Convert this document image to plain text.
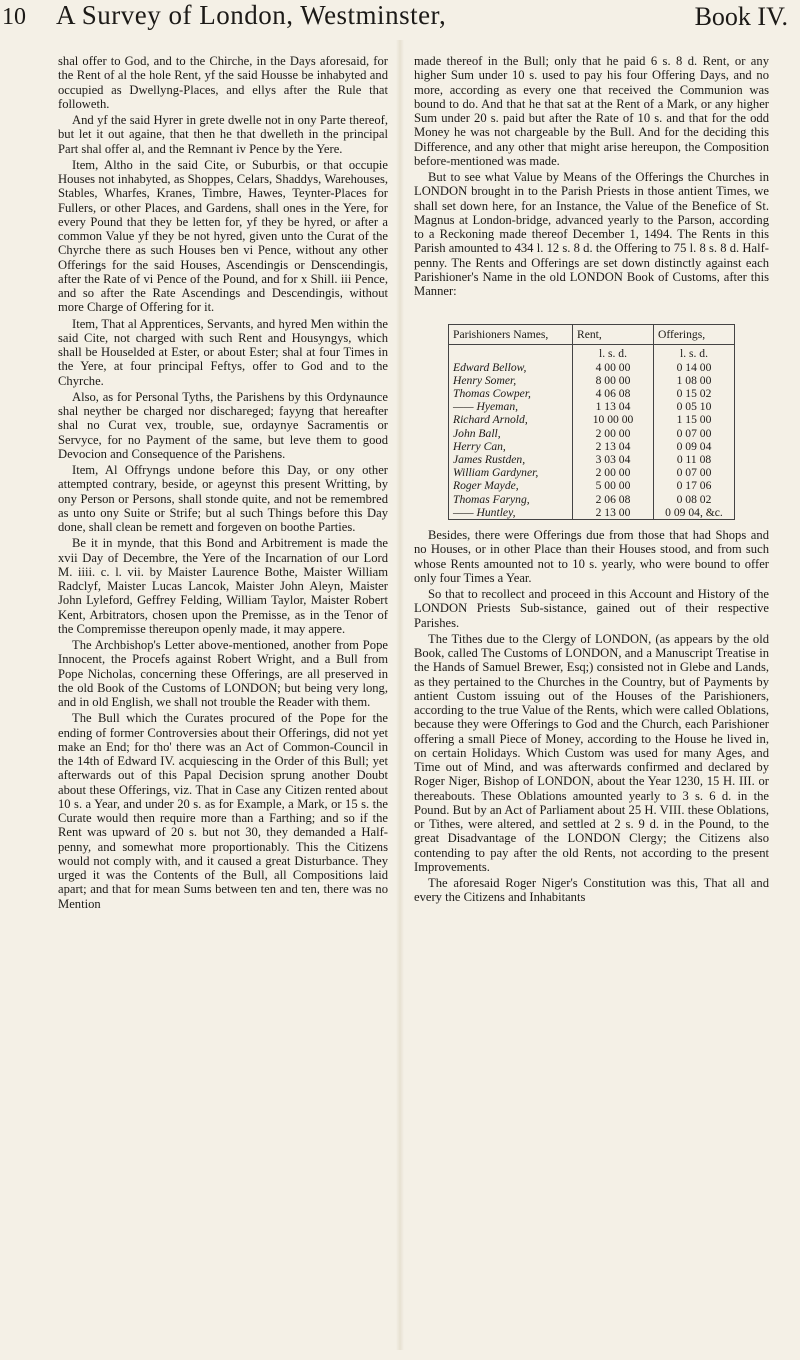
10 A Survey of London, Westminster,	Book IV.

shal offer to God, and to the Chirche, in the Days aforesaid, for the Rent of al the hole Rent, yf the said Housse be inhabyted and occupied as Dwellyng-Places, and ellys after the Rule that followeth.

And yf the said Hyrer in grete dwelle not in ony Parte thereof, but let it out againe, that then he that dwelleth in the principal Part shal offer al, and the Remnant iv Pence by the Yere.

Item, Altho in the said Cite, or Suburbis, or that occupie Houses not inhabyted, as Shoppes, Celars, Shaddys, Warehouses, Stables, Wharfes, Kranes, Timbre, Hawes, Teynter-Places for Fullers, or other Places, and Gardens, shall ones in the Yere, for every Pound that they be letten for, yf they be hyred, or after a common Value yf they be not hyred, given unto the Curat of the Chyrche there as such Houses ben vi Pence, without any other Offerings for the said Houses, Ascendingis or Denscendingis, after the Rate of vi Pence of the Pound, and for x Shill. iii Pence, and so after the Rate Ascendings and Descendingis, without more Charge of Offering for it.

Item, That al Apprentices, Servants, and hyred Men within the said Cite, not charged with such Rent and Housyngys, which shall be Houselded at Ester, or about Ester; shal at four Times in the Yere, at four principal Feftys, offer to God and to the Chyrche.

Also, as for Personal Tyths, the Parishens by this Ordynaunce shal neyther be charged nor dischareged; fayyng that hereafter shal no Curat vex, trouble, sue, ordaynye Sacramentis or Servyce, for no Payment of the same, but leve them to good Devocion and Consequence of the Parishens.

Item, Al Offryngs undone before this Day, or ony other attempted contrary, beside, or ageynst this present Writting, by ony Person or Persons, shall stonde quite, and not be remembred as unto ony Suite or Strife; but al such Things before this Day done, shall clean be remett and forgeven on boothe Parties.

Be it in mynde, that this Bond and Arbitrement is made the xvii Day of Decembre, the Yere of the Incarnation of our Lord M. iiii. c. l. vii. by Maister Laurence Bothe, Maister William Radclyf, Maister Lucas Lancok, Maister John Aleyn, Maister John Lyleford, Geffrey Felding, William Taylor, Maister Robert Kent, Arbitrators, chosen upon the Premisse, as in the Tenor of the Compremisse thereupon openly made, it may appere.

The Archbishop's Letter above-mentioned, another from Pope Innocent, the Procefs against Robert Wright, and a Bull from Pope Nicholas, concerning these Offerings, are all preserved in the old Book of the Customs of LONDON; but being very long, and in old English, we shall not trouble the Reader with them.

The Bull which the Curates procured of the Pope for the ending of former Controversies about their Offerings, did not yet make an End; for tho' there was an Act of Common-Council in the 14th of Edward IV. acquiescing in the Order of this Bull; yet afterwards out of this Papal Decision sprung another Doubt about these Offerings, viz. That in Case any Citizen rented about 10 s. a Year, and under 20 s. as for Example, a Mark, or 15 s. the Curate would then require more than a Farthing; and so if the Rent was upward of 20 s. but not 30, they demanded a Half-penny, and somewhat more proportionably. This the Citizens would not comply with, and it caused a great Disturbance. They urged it was the Contents of the Bull, all Compositions laid apart; and that for mean Sums between ten and ten, there was no Mention

made thereof in the Bull; only that he paid 6 s. 8 d. Rent, or any higher Sum under 10 s. used to pay his four Offering Days, and no more, according as every one that received the Communion was bound to do. And that he that sat at the Rent of a Mark, or any higher Sum under 20 s. paid but after the Rate of 10 s. and that for the odd Money he was not chargeable by the Bull. And for the deciding this Difference, and any other that might arise hereupon, the Composition before-mentioned was made.

But to see what Value by Means of the Offerings the Churches in LONDON brought in to the Parish Priests in those antient Times, we shall set down here, for an Instance, the Value of the Benefice of St. Magnus at London-bridge, advanced yearly to the Parson, according to a Reckoning made thereof December 1, 1494. The Rents in this Parish amounted to 434 l. 12 s. 8 d. the Offering to 75 l. 8 s. 8 d. Half-penny. The Rents and Offerings are set down distinctly against each Parishioner's Name in the old LONDON Book of Customs, after this Manner:

Parishioners Names,	Rent,	Offerings,
	l. s. d.	l. s. d.
Edward Bellow,	4 00 00	0 14 00
Henry Somer,	8 00 00	1 08 00
Thomas Cowper,	4 06 08	0 15 02
—— Hyeman,	1 13 04	0 05 10
Richard Arnold,	10 00 00	1 15 00
John Ball,	2 00 00	0 07 00
Herry Can,	2 13 04	0 09 04
James Rustden,	3 03 04	0 11 08
William Gardyner,	2 00 00	0 07 00
Roger Mayde,	5 00 00	0 17 06
Thomas Faryng,	2 06 08	0 08 02
—— Huntley,	2 13 00	0 09 04, &c.

Besides, there were Offerings due from those that had Shops and no Houses, or in other Place than their Houses stood, and from such whose Rents amounted not to 10 s. yearly, who were bound to offer only four Times a Year.

So that to recollect and proceed in this Account and History of the LONDON Priests Sub-sistance, gained out of their respective Parishes.

The Tithes due to the Clergy of LONDON, (as appears by the old Book, called The Customs of LONDON, and a Manuscript Treatise in the Hands of Samuel Brewer, Esq;) consisted not in Glebe and Lands, as they pertained to the Churches in the Country, but of Payments by antient Custom issuing out of the Houses of the Parishioners, according to the true Value of the Rents, which were called Oblations, because they were Offerings to God and the Church, each Parishioner offering a small Piece of Money, according to the House he lived in, on certain Holidays. Which Custom was used for many Ages, and Time out of Mind, and was afterwards confirmed and declared by Roger Niger, Bishop of LONDON, about the Year 1230, 15 H. III. or thereabouts. These Oblations amounted yearly to 3 s. 6 d. in the Pound. But by an Act of Parliament about 25 H. VIII. these Oblations, or Tithes, were altered, and settled at 2 s. 9 d. in the Pound, to the great Disadvantage of the LONDON Clergy; the Citizens also contending to pay after the old Rents, not according to the present Improvements.

The aforesaid Roger Niger's Constitution was this, That all and every the Citizens and Inhabitants
